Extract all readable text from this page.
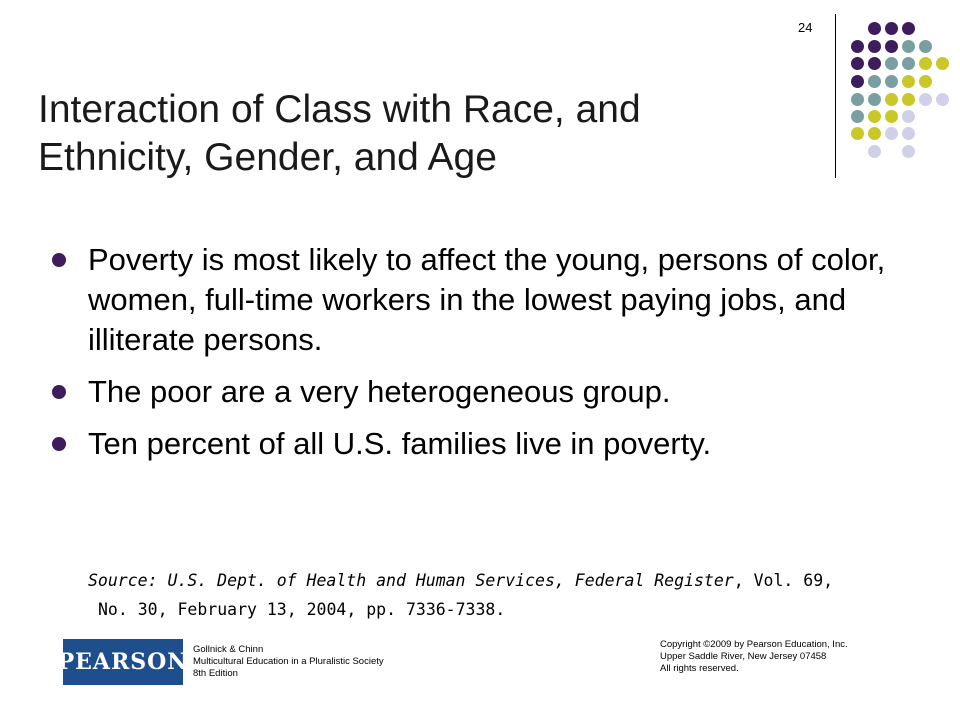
24
Interaction of Class with Race, and
Ethnicity, Gender, and Age
Poverty is most likely to affect the young, persons of color, women, full-time workers in the lowest paying jobs, and illiterate persons.
The poor are a very heterogeneous group.
Ten percent of all U.S. families live in poverty.
Source: U.S. Dept. of Health and Human Services, Federal Register, Vol. 69,
No. 30, February 13, 2004, pp. 7336-7338.
PEARSON Gollnick & Chinn
Multicultural Education in a Pluralistic Society
8th Edition
Copyright ©2009 by Pearson Education, Inc.
Upper Saddle River, New Jersey 07458
All rights reserved.
